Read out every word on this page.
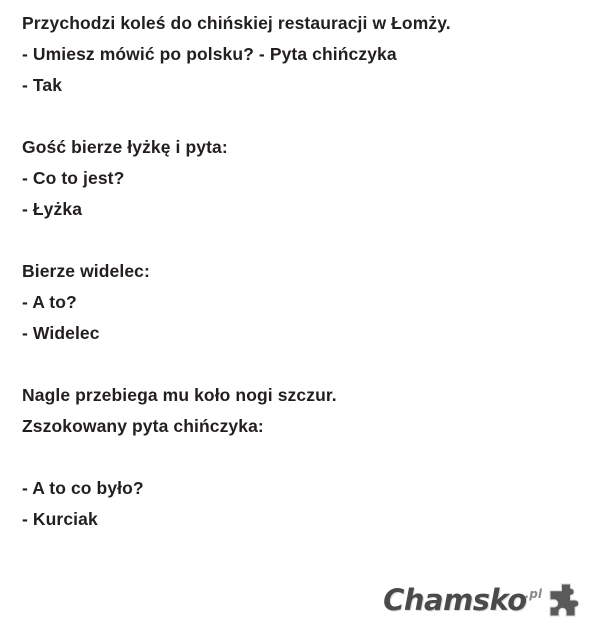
Przychodzi koleś do chińskiej restauracji w Łomży.
- Umiesz mówić po polsku? - Pyta chińczyka
- Tak
Gość bierze łyżkę i pyta:
- Co to jest?
- Łyżka
Bierze widelec:
- A to?
- Widelec
Nagle przebiega mu koło nogi szczur.
Zszokowany pyta chińczyka:
- A to co było?
- Kurciak
Chamsko$^{.pl}$
